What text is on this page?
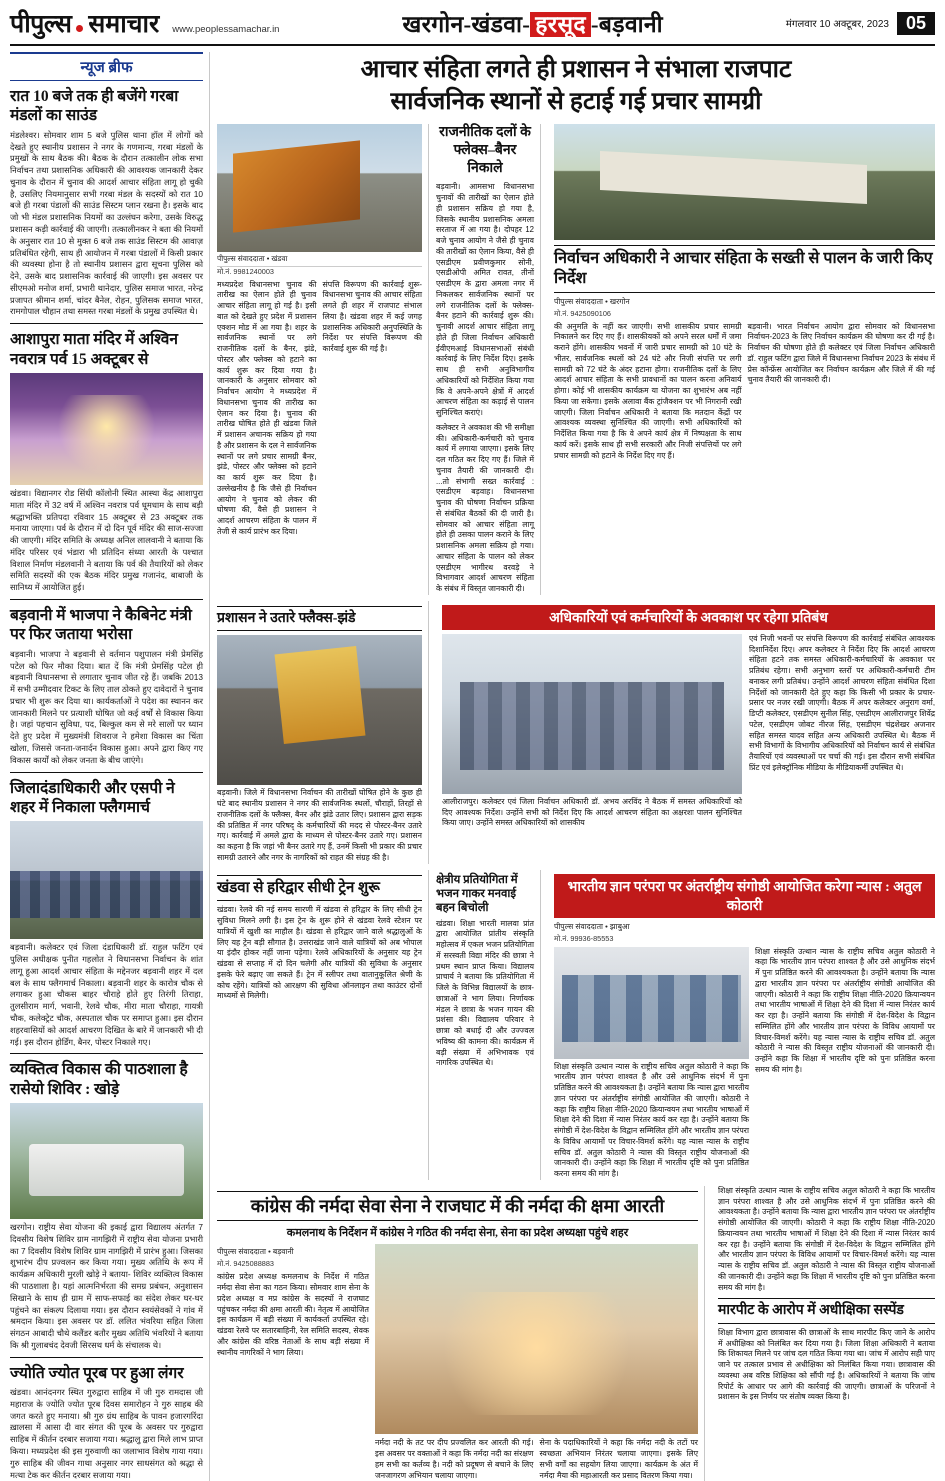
पीपुल्स समाचार www.peoplessamachar.in	खरगोन-खंडवा- हरसूद -बड़वानी	मंगलवार 10 अक्टूबर, 2023 05
न्यूज ब्रीफ
रात 10 बजे तक ही बजेंगे गरबा मंडलों का साउंड
मंडलेश्वर। सोमवार शाम 5 बजे पुलिस थाना हॉल में लोगों को देखते हुए स्थानीय प्रशासन ने नगर के गणमान्य, गरबा मंडलों के प्रमुखों के साथ बैठक की। बैठक के दौरान तत्कालीन लोक सभा निर्वाचन तथा प्रशासनिक अधिकारी की आवश्यक जानकारी देकर चुनाव के दौरान में चुनाव की आदर्श आचार संहिता लागू हो चुकी है, उसलिए नियमानुसार सभी गरबा मंडल के सदस्यों को रात 10 बजे ही गरबा पंडालों की साउंड सिस्टम प्लान रखना है। इसके बाद जो भी मंडल प्रशासनिक नियमों का उल्लंघन करेगा, उसके विरुद्ध प्रशासन कड़ी कार्रवाई की जाएगी। तत्कालीनकर ने बता की नियमों के अनुसार रात 10 से मुक्त 6 बजे तक साउंड सिस्टम की आवाज़ प्रतिबंधित रहेगी, साथ ही आयोजन में गरबा पंडालों में किसी प्रकार की व्यवस्था होना है तो स्थानीय प्रशासन द्वारा सूचना पुलिस को देने, उसके बाद प्रशासनिक कार्रवाई की जाएगी। इस अवसर पर सीएमओ मनोज शर्मा, प्रभारी थानेदार, पुलिस समाज भारत, नरेन्द्र प्रजापत श्रीमान शर्मा, चांदर बैनेल, रोहन, पुलिसक समाज भारत, रामगोपाल चौहान तथा समस्त गरबा मंडलों के प्रमुख उपस्थित थे।
आशापुरा माता मंदिर में अश्विन नवरात्र पर्व 15 अक्टूबर से
खंडवा। विद्यानगर रोड सिंधी कॉलोनी स्थित आस्था केंद्र आशापुरा माता मंदिर में 32 वर्ष में अश्विन नवरात्र पर्व धूमधाम के साथ बड़ी श्रद्धाभक्ति प्रतिपदा रविवार 15 अक्टूबर से 23 अक्टूबर तक मनाया जाएगा। पर्व के दौरान में दो दिन पूर्व मंदिर की साज-सज्जा की जाएगी। मंदिर समिति के अध्यक्ष अनिल लालवानी ने बताया कि मंदिर परिसर एवं भंडारा भी प्रतिदिन संध्या आरती के पश्चात विशाल निर्माण मंडलवानी ने बताया कि पर्व की तैयारियों को लेकर समिति सदस्यों की एक बैठक मंदिर प्रमुख गजानंद, बाबाजी के सानिध्य में आयोजित हुई।
बड़वानी में भाजपा ने कैबिनेट मंत्री पर फिर जताया भरोसा
बड़वानी। भाजपा ने बड़वानी से वर्तमान पशुपालन मंत्री प्रेमसिंह पटेल को फिर मौका दिया। बात दें कि मंत्री प्रेमसिंह पटेल ही बड़वानी विधानसभा से लगातार चुनाव जीत रहे हैं। जबकि 2013 में सभी उम्मीदवार टिकट के लिए ताल ठोकते हुए दावेदारों ने चुनाव प्रचार भी शुरू कर दिया था। कार्यकर्ताओं ने पदेश का स्थानन कर जानकारी मिलने पर प्रत्याशी घोषित जो कई वर्षों से विकास किया है। जहां पहचान सुविधा, पद, बिल्कुल कम से मरे सालों पर ध्यान देते हुए प्रदेश में मुख्यमंत्री शिवराज ने हमेशा विकास का चिंता खोला, जिससे जनता-जनार्दन विकास हुआ। अपने द्वारा किए गए विकास कार्यों को लेकर जनता के बीच जाएंगे।
जिलादंडाधिकारी और एसपी ने शहर में निकाला फ्लैगमार्च
बड़वानी। कलेक्टर एवं जिला दंडाधिकारी डॉ. राहुल फटिंग एवं पुलिस अधीक्षक पुनीत गहलोत ने विधानसभा निर्वाचन के शांत लागू हुआ आदर्श आचार संहिता के मद्देनजर बड़वानी शहर में दल बल के साथ फ्लैगमार्च निकाला। बड़वानी शहर के कारोत्र चौक से लगाकर हुआ चौकस बाहर चौराहे होते हुए तिरंगी तिराहा, तुलसीराम मार्ग, भवानी, रेलवे चौक, मीरा माता चौराहा, गायत्री चौक, कलेक्ट्रेट चौक, अस्पताल चौक पर समाप्त हुआ। इस दौरान शहरवासियों को आदर्श आचरण दिखित के बारे में जानकारी भी दी गई। इस दौरान होर्डिंग, बैनर, पोस्टर निकाले गए।
व्यक्तित्व विकास की पाठशाला है रासेयो शिविर : खोड़े
खरगोन। राष्ट्रीय सेवा योजना की इकाई द्वारा विद्यालय अंतर्गत 7 दिवसीय विशेष शिविर ग्राम नागझिरी में राष्ट्रीय सेवा योजना प्रभारी का 7 दिवसीय विशेष शिविर ग्राम नागझिरी में प्रारंभ हुआ। जिसका शुभारंभ दीप प्रज्वलन कर किया गया। मुख्य अतिथि के रूप में कार्यक्रम अधिकारी मुरली खोड़े ने बताया- शिविर व्यक्तित्व विकास की पाठशाला है। यहां आत्मनिर्भरता की समग्र प्रबंधन, अनुशासन सिखाने के साथ ही ग्राम में साफ-सफाई का संदेश लेकर घर-घर पहुंचने का संकल्प दिलाया गया। इस दौरान स्वयंसेवकों ने गांव में श्रमदान किया। इस अवसर पर डॉ. ललित भंवरिया सहित जिला संगठन आबादी चौथे कलैंडर बतौर मुख्य अतिथि भंवरियों ने बताया कि श्री गुलाबचंद देवजी सिरसथ धर्म के संचालक थे।
ज्योति ज्योत पूरब पर हुआ लंगर
खंडवा। आनंदनगर स्थित गुरुद्वारा साहिब में जी गुरु रामदास जी महाराज के ज्योति ज्योत पूरब दिवस समारोहन ने गुरु साहब की जगत करते हुए मनाया। श्री गुरु ग्रंथ साहिब के पावन हजारगरिंदा ख़ालसा में आसा दी वार संगत की पूरब के अवसर पर गुरुद्वारा साहिब में कीर्तन दरबार सजाया गया। श्रद्धालु द्वारा मिले लाभ प्राप्त किया। मध्यप्रदेश की इस गुरुवाणी का जलाभाव विशेष गाया गया। गुरु साहिब की जीवन गाथा अनुसार नगर साधसंगत को श्रद्धा से मत्था टेक कर कीर्तन दरबार सजाया गया।
आचार संहिता लगते ही प्रशासन ने संभाला राजपाट
सार्वजनिक स्थानों से हटाई गई प्रचार सामग्री
पीपुल्स संवाददाता • खंडवा
मो.नं. 9981240003
मध्यप्रदेश विधानसभा चुनाव की तारीख का ऐलान होते ही चुनाव आचार संहिता लागू हो गई है। इसी बात को देखते हुए प्रदेश में प्रशासन एक्शन मोड में आ गया है। शहर के सार्वजनिक स्थानों पर लगे राजनीतिक दलों के बैनर, झंडे, पोस्टर और फ्लेक्स को हटाने का कार्य शुरू कर दिया गया है। जानकारी के अनुसार सोमवार को निर्वाचन आयोग ने मध्यप्रदेश में विधानसभा चुनाव की तारीख का ऐलान कर दिया है। चुनाव की तारीख घोषित होते ही खंडवा जिले में प्रशासन अचानक सक्रिय हो गया है और प्रशासन के दल ने सार्वजनिक स्थानों पर लगे प्रचार सामग्री बैनर, झंडे, पोस्टर और फ्लेक्स को हटाने का कार्य शुरू कर दिया है। उल्लेखनीय है कि जैसे ही निर्वाचन आयोग ने चुनाव को लेकर की घोषणा की, वैसे ही प्रशासन ने आदर्श आचरण संहिता के पालन में तेजी से कार्य प्रारंभ कर दिया।
संपत्ति विरूपण की कार्रवाई शुरू-विधानसभा चुनाव की आचार संहिता लगते ही शहर में राजपाट संभाल लिया है। खंडवा शहर में कई जगह प्रशासनिक अधिकारी अनुपस्थिति के निर्देश पर संपत्ति विरूपण की कार्रवाई शुरू की गई है।
राजनीतिक दलों के फ्लेक्स–बैनर निकाले
बड़वानी। आमसभा विधानसभा चुनावों की तारीखों का ऐलान होते ही प्रशासन सक्रिय हो गया है, जिसके स्थानीय प्रशासनिक अमला सरताज में आ गया है। दोपहर 12 बजे चुनाव आयोग ने जैसे ही चुनाव की तारीखों का ऐलान किया, वैसे ही एसडीएम प्रवीणकुमार सोनी, एसडीओपी अमित रावत, तीनों एसडीएम के द्वारा अमला नगर में निकलकर सार्वजनिक स्थानों पर लगे राजनीतिक दलों के फ्लेक्स-बैनर हटाने की कार्रवाई शुरू की। चुनावी आदर्श आचार संहिता लागू होते ही जिला निर्वाचन अधिकारी ईवीएमआई विधानसभाओं संबंधी कार्रवाई के लिए निर्देश दिए। इसके साथ ही सभी अनुविभागीय अधिकारियों को निर्देशित किया गया कि वे अपने-अपने क्षेत्रों में आदर्श आचरण संहिता का कड़ाई से पालन सुनिश्चित कराएं।
कलेक्टर ने अवकाश की भी समीक्षा की। अधिकारी-कर्मचारी को चुनाव कार्य में लगाया जाएगा। इसके लिए दल गठित कर दिए गए हैं। जिले में चुनाव तैयारी की जानकारी दी। ...तो संभागी सख्त कार्रवाई : एसडीएम बड़वाह। विधानसभा चुनाव की घोषणा निर्वाचन प्रक्रिया से संबंधित बैठकों की दी जारी है। सोमवार को आचार संहिता लागू होते ही उसका पालन कराने के लिए प्रशासनिक अमला सक्रिय हो गया। आचार संहिता के पालन को लेकर एसडीएम भागीरथ वरवड़े ने विभागवार आदर्श आचरण संहिता के संबंध में विस्तृत जानकारी दी।
निर्वाचन अधिकारी ने आचार संहिता के सख्ती से पालन के जारी किए निर्देश
पीपुल्स संवाददाता • खरगोन
मो.नं. 9425090106
की अनुमति के नहीं कर जाएगी। सभी शासकीय प्रचार सामग्री निकालने कर दिए गए हैं। शासकीयकों को अपने सरल धर्मों में जमा कराने होंगे। शासकीय भवनों में जारी प्रचार सामग्री को 10 घंटे के भीतर, सार्वजनिक स्थलों को 24 घंटे और निजी संपत्ति पर लगी सामग्री को 72 घंटे के अंदर हटाना होगा। राजनीतिक दलों के लिए आदर्श आचार संहिता के सभी प्रावधानों का पालन करना अनिवार्य होगा। कोई भी शासकीय कार्यक्रम या योजना का शुभारंभ अब नहीं किया जा सकेगा। इसके अलावा बैंक ट्रांजैक्शन पर भी निगरानी रखी जाएगी। जिला निर्वाचन अधिकारी ने बताया कि मतदान केंद्रों पर आवश्यक व्यवस्था सुनिश्चित की जाएगी। सभी अधिकारियों को निर्देशित किया गया है कि वे अपने कार्य क्षेत्र में निष्पक्षता के साथ कार्य करें। इसके साथ ही सभी सरकारी और निजी संपत्तियों पर लगे प्रचार सामग्री को हटाने के निर्देश दिए गए हैं।
बड़वानी। भारत निर्वाचन आयोग द्वारा सोमवार को विधानसभा निर्वाचन-2023 के लिए निर्वाचन कार्यक्रम की घोषणा कर दी गई है। निर्वाचन की घोषणा होते ही कलेक्टर एवं जिला निर्वाचन अधिकारी डॉ. राहुल फटिंग द्वारा जिले में विधानसभा निर्वाचन 2023 के संबंध में प्रेस कॉन्फ्रेंस आयोजित कर निर्वाचन कार्यक्रम और जिले में की गई चुनाव तैयारी की जानकारी दी।
प्रशासन ने उतारे फ्लैक्स-झंडे
बड़वानी। जिले में विधानसभा निर्वाचन की तारीखों घोषित होने के कुछ ही घंटे बाद स्थानीय प्रशासन ने नगर की सार्वजनिक स्थलों, चौराहों, तिरहों से राजनीतिक दलों के फ्लैक्स, बैनर और झंडे उतार लिए। प्रशासन द्वारा सड़क की प्रतिष्ठित में नगर परिषद् के कर्मचारियों की मदद से पोस्टर-बैनर उतारे गए। कार्रवाई में अमले द्वारा के माध्यम से पोस्टर-बैनर उतारे गए। प्रशासन का कहना है कि जहां भी बैनर उतारे गए हैं, उनमें किसी भी प्रकार की प्रचार सामग्री उतारने और नगर के नागरिकों को राहत की संग्रह की है।
अधिकारियों एवं कर्मचारियों के अवकाश पर रहेगा प्रतिबंध
आलीराजपुर। कलेक्टर एवं जिला निर्वाचन अधिकारी डॉ. अभय अरविंद ने बैठक में समस्त अधिकारियों को दिए आवश्यक निर्देश। उन्होंने सभी को निर्देश दिए कि आदर्श आचरण संहिता का अक्षरशः पालन सुनिश्चित किया जाए। उन्होंने समस्त अधिकारियों को शासकीय
एवं निजी भवनों पर संपत्ति विरूपण की कार्रवाई संबंधित आवश्यक दिशानिर्देश दिए। अपर कलेक्टर ने निर्देश दिए कि आदर्श आचरण संहिता हटने तक समस्त अधिकारी-कर्मचारियों के अवकाश पर प्रतिबंध रहेगा। सभी अनुभाग स्तरों पर अधिकारी-कर्मचारी टीम बनाकर लगी प्रतिबंध। उन्होंने आदर्श आचरण संहिता संबंधित दिशा निर्देशों को जानकारी देते हुए कहा कि किसी भी प्रकार के प्रचार-प्रसार पर नजर रखी जाएगी। बैठक में अपर कलेक्टर अनुराग वर्मा, डिप्टी कलेक्टर, एसडीएम सुनील सिंह, एसडीएम आलीराजपुर शिवेंद्र पटेल, एसडीएम जोबट नीरज सिंह, एसडीएम चंद्रशेखर अजनार सहित समस्त यादव सहित अन्य अधिकारी उपस्थित थे। बैठक में सभी विभागों के विभागीय अधिकारियों को निर्वाचन कार्य से संबंधित तैयारियों एवं व्यवस्थाओं पर चर्चा की गई। इस दौरान सभी संबंधित प्रिंट एवं इलेक्ट्रॉनिक मीडिया के मीडियाकर्मी उपस्थित थे।
खंडवा से हरिद्वार सीधी ट्रेन शुरू
खंडवा। रेलवे की नई समय सारणी में खंडवा से हरिद्वार के लिए सीधी ट्रेन सुविधा मिलने लगी है। इस ट्रेन के शुरू होने से खंडवा रेलवे स्टेशन पर यात्रियों में खुशी का माहौल है। खंडवा से हरिद्वार जाने वाले श्रद्धालुओं के लिए यह ट्रेन बड़ी सौगात है। उत्तराखंड जाने वाले यात्रियों को अब भोपाल या इंदौर होकर नहीं जाना पड़ेगा। रेलवे अधिकारियों के अनुसार यह ट्रेन खंडवा से सप्ताह में दो दिन चलेगी और यात्रियों की सुविधा के अनुसार इसके फेरे बढ़ाए जा सकते हैं। ट्रेन में स्लीपर तथा वातानुकूलित श्रेणी के कोच रहेंगे। यात्रियों को आरक्षण की सुविधा ऑनलाइन तथा काउंटर दोनों माध्यमों से मिलेगी।
क्षेत्रीय प्रतियोगिता में भजन गाकर मनवाई बहन बिचोली
खंडवा। शिक्षा भारती मालवा प्रांत द्वारा आयोजित प्रांतीय संस्कृति महोत्सव में एकल भजन प्रतियोगिता में सरस्वती विद्या मंदिर की छात्रा ने प्रथम स्थान प्राप्त किया। विद्यालय प्राचार्य ने बताया कि प्रतियोगिता में जिले के विभिन्न विद्यालयों के छात्र-छात्राओं ने भाग लिया। निर्णायक मंडल ने छात्रा के भजन गायन की प्रशंसा की। विद्यालय परिवार ने छात्रा को बधाई दी और उज्ज्वल भविष्य की कामना की। कार्यक्रम में बड़ी संख्या में अभिभावक एवं नागरिक उपस्थित थे।
भारतीय ज्ञान परंपरा पर अंतर्राष्ट्रीय संगोष्ठी आयोजित करेगा न्यास : अतुल कोठारी
पीपुल्स संवाददाता • झाबुआ
मो.नं. 99936-85553
शिक्षा संस्कृति उत्थान न्यास के राष्ट्रीय सचिव अतुल कोठारी ने कहा कि भारतीय ज्ञान परंपरा शाश्वत है और उसे आधुनिक संदर्भ में पुनः प्रतिष्ठित करने की आवश्यकता है। उन्होंने बताया कि न्यास द्वारा भारतीय ज्ञान परंपरा पर अंतर्राष्ट्रीय संगोष्ठी आयोजित की जाएगी। कोठारी ने कहा कि राष्ट्रीय शिक्षा नीति-2020 क्रियान्वयन तथा भारतीय भाषाओं में शिक्षा देने की दिशा में न्यास निरंतर कार्य कर रहा है। उन्होंने बताया कि संगोष्ठी में देश-विदेश के विद्वान सम्मिलित होंगे और भारतीय ज्ञान परंपरा के विविध आयामों पर विचार-विमर्श करेंगे। यह न्यास न्यास के राष्ट्रीय सचिव डॉ. अतुल कोठारी ने न्यास की विस्तृत राष्ट्रीय योजनाओं की जानकारी दी। उन्होंने कहा कि शिक्षा में भारतीय दृष्टि को पुनः प्रतिष्ठित करना समय की मांग है।
शिक्षा संस्कृति उत्थान न्यास के राष्ट्रीय सचिव अतुल कोठारी ने कहा कि भारतीय ज्ञान परंपरा शाश्वत है और उसे आधुनिक संदर्भ में पुनः प्रतिष्ठित करने की आवश्यकता है। उन्होंने बताया कि न्यास द्वारा भारतीय ज्ञान परंपरा पर अंतर्राष्ट्रीय संगोष्ठी आयोजित की जाएगी। कोठारी ने कहा कि राष्ट्रीय शिक्षा नीति-2020 क्रियान्वयन तथा भारतीय भाषाओं में शिक्षा देने की दिशा में न्यास निरंतर कार्य कर रहा है। उन्होंने बताया कि संगोष्ठी में देश-विदेश के विद्वान सम्मिलित होंगे और भारतीय ज्ञान परंपरा के विविध आयामों पर विचार-विमर्श करेंगे। यह न्यास न्यास के राष्ट्रीय सचिव डॉ. अतुल कोठारी ने न्यास की विस्तृत राष्ट्रीय योजनाओं की जानकारी दी। उन्होंने कहा कि शिक्षा में भारतीय दृष्टि को पुनः प्रतिष्ठित करना समय की मांग है।
कांग्रेस की नर्मदा सेवा सेना ने राजघाट में की नर्मदा की क्षमा आरती
कमलनाथ के निर्देशन में कांग्रेस ने गठित की नर्मदा सेना, सेना का प्रदेश अध्यक्षा पहुंचे शहर
पीपुल्स संवाददाता • बड़वानी
मो.नं. 9425088883
कांग्रेस प्रदेश अध्यक्ष कमलनाथ के निर्देश में गठित नर्मदा सेवा सेना का गठन किया। सोमवार शाम सेना के प्रदेश अध्यक्ष व मप्र कांग्रेस के सदस्यों ने राजघाट पहुंचकर नर्मदा की क्षमा आरती की। नेतृत्व में आयोजित इस कार्यक्रम में बड़ी संख्या में कार्यकर्ता उपस्थित रहे। खंडवा रेलवे पर सतारबाहिनी, रेल समिति सदस्य, सेवक और कांग्रेस की वरिष्ठ नेताओं के साथ बड़ी संख्या में स्थानीय नागरिकों ने भाग लिया।
नर्मदा नदी के तट पर दीप प्रज्वलित कर आरती की गई। इस अवसर पर वक्ताओं ने कहा कि नर्मदा नदी का संरक्षण हम सभी का कर्तव्य है। नदी को प्रदूषण से बचाने के लिए जनजागरण अभियान चलाया जाएगा।
सेना के पदाधिकारियों ने कहा कि नर्मदा नदी के तटों पर स्वच्छता अभियान निरंतर चलाया जाएगा। इसके लिए सभी वर्गों का सहयोग लिया जाएगा। कार्यक्रम के अंत में नर्मदा मैया की महाआरती कर प्रसाद वितरण किया गया।
शिक्षा संस्कृति उत्थान न्यास के राष्ट्रीय सचिव अतुल कोठारी ने कहा कि भारतीय ज्ञान परंपरा शाश्वत है और उसे आधुनिक संदर्भ में पुनः प्रतिष्ठित करने की आवश्यकता है। उन्होंने बताया कि न्यास द्वारा भारतीय ज्ञान परंपरा पर अंतर्राष्ट्रीय संगोष्ठी आयोजित की जाएगी। कोठारी ने कहा कि राष्ट्रीय शिक्षा नीति-2020 क्रियान्वयन तथा भारतीय भाषाओं में शिक्षा देने की दिशा में न्यास निरंतर कार्य कर रहा है। उन्होंने बताया कि संगोष्ठी में देश-विदेश के विद्वान सम्मिलित होंगे और भारतीय ज्ञान परंपरा के विविध आयामों पर विचार-विमर्श करेंगे। यह न्यास न्यास के राष्ट्रीय सचिव डॉ. अतुल कोठारी ने न्यास की विस्तृत राष्ट्रीय योजनाओं की जानकारी दी। उन्होंने कहा कि शिक्षा में भारतीय दृष्टि को पुनः प्रतिष्ठित करना समय की मांग है।
मारपीट के आरोप में अधीक्षिका सस्पेंड
शिक्षा विभाग द्वारा छात्रावास की छात्राओं के साथ मारपीट किए जाने के आरोप में अधीक्षिका को निलंबित कर दिया गया है। जिला शिक्षा अधिकारी ने बताया कि शिकायत मिलने पर जांच दल गठित किया गया था। जांच में आरोप सही पाए जाने पर तत्काल प्रभाव से अधीक्षिका को निलंबित किया गया। छात्रावास की व्यवस्था अब वरिष्ठ शिक्षिका को सौंपी गई है। अधिकारियों ने बताया कि जांच रिपोर्ट के आधार पर आगे की कार्रवाई की जाएगी। छात्राओं के परिजनों ने प्रशासन के इस निर्णय पर संतोष व्यक्त किया है।
